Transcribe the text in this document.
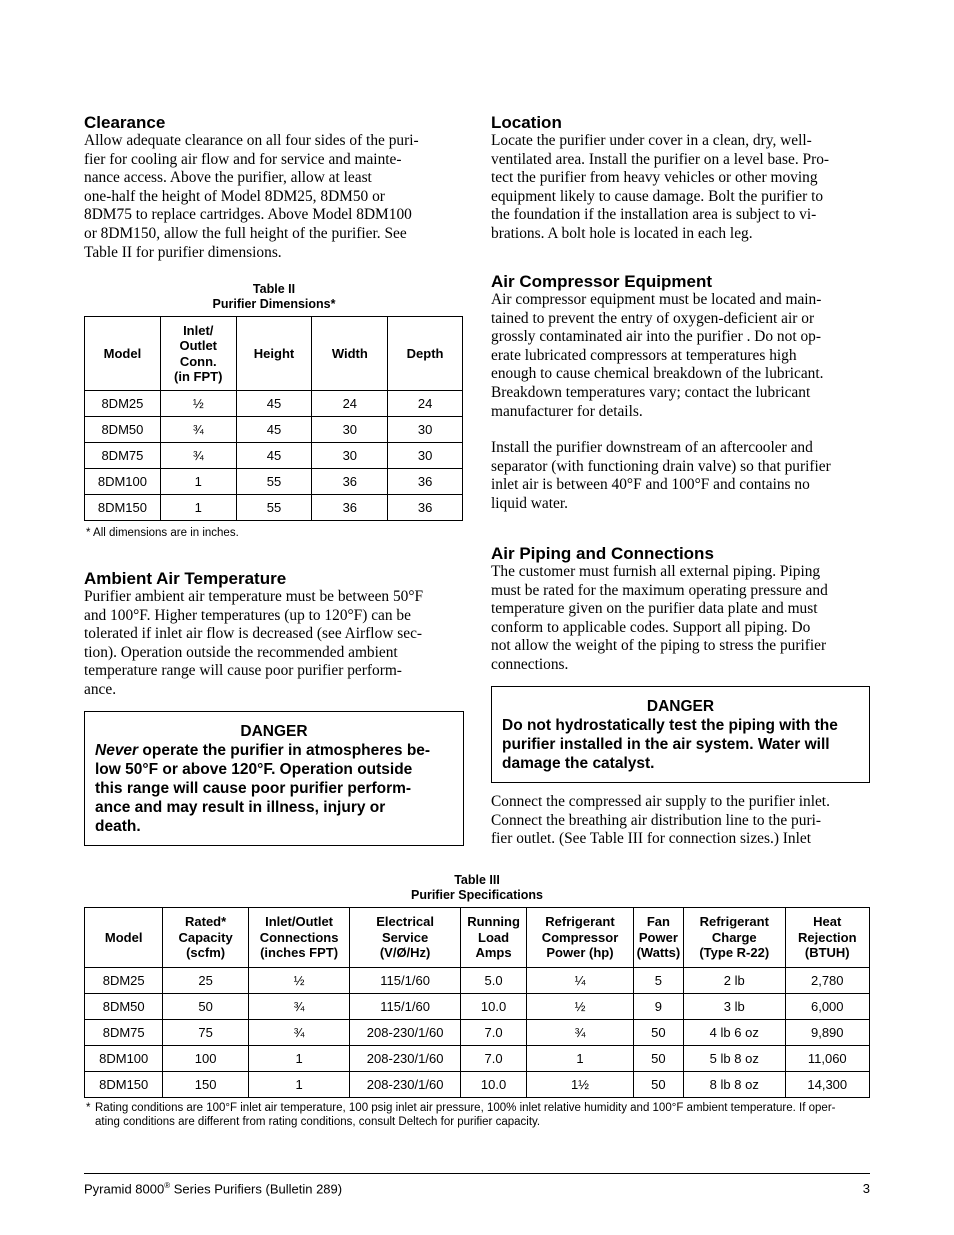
Clearance

Allow adequate clearance on all four sides of the puri-
fier for cooling air flow and for service and mainte-
nance access. Above the purifier, allow at least
one-half the height of Model 8DM25, 8DM50 or
8DM75 to replace cartridges. Above Model 8DM100
or 8DM150, allow the full height of the purifier. See
Table II for purifier dimensions.

Table II
Purifier Dimensions*
Model	Inlet/
Outlet
Conn.
(in FPT)	Height	Width	Depth
8DM25	½	45	24	24
8DM50	¾	45	30	30
8DM75	¾	45	30	30
8DM100	1	55	36	36
8DM150	1	55	36	36
* All dimensions are in inches.
Ambient Air Temperature

Purifier ambient air temperature must be between 50°F
and 100°F. Higher temperatures (up to 120°F) can be
tolerated if inlet air flow is decreased (see Airflow sec-
tion). Operation outside the recommended ambient
temperature range will cause poor purifier perform-
ance.

DANGER
Never operate the purifier in atmospheres be-
low 50°F or above 120°F. Operation outside
this range will cause poor purifier perform-
ance and may result in illness, injury or
death.
Location

Locate the purifier under cover in a clean, dry, well-
ventilated area. Install the purifier on a level base. Pro-
tect the purifier from heavy vehicles or other moving
equipment likely to cause damage. Bolt the purifier to
the foundation if the installation area is subject to vi-
brations. A bolt hole is located in each leg.

Air Compressor Equipment

Air compressor equipment must be located and main-
tained to prevent the entry of oxygen-deficient air or
grossly contaminated air into the purifier . Do not op-
erate lubricated compressors at temperatures high
enough to cause chemical breakdown of the lubricant.
Breakdown temperatures vary; contact the lubricant
manufacturer for details.

Install the purifier downstream of an aftercooler and
separator (with functioning drain valve) so that purifier
inlet air is between 40°F and 100°F and contains no
liquid water.

Air Piping and Connections

The customer must furnish all external piping. Piping
must be rated for the maximum operating pressure and
temperature given on the purifier data plate and must
conform to applicable codes. Support all piping. Do
not allow the weight of the piping to stress the purifier
connections.

DANGER
Do not hydrostatically test the piping with the
purifier installed in the air system. Water will
damage the catalyst.

Connect the compressed air supply to the purifier inlet.
Connect the breathing air distribution line to the puri-
fier outlet. (See Table III for connection sizes.) Inlet

Table III
Purifier Specifications
Model	Rated*
Capacity
(scfm)	Inlet/Outlet
Connections
(inches FPT)	Electrical
Service
(V/Ø/Hz)	Running
Load
Amps	Refrigerant
Compressor
Power (hp)	Fan
Power
(Watts)	Refrigerant
Charge
(Type R-22)	Heat
Rejection
(BTUH)
8DM25	25	½	115/1/60	5.0	¼	5	2 lb	2,780
8DM50	50	¾	115/1/60	10.0	½	9	3 lb	6,000
8DM75	75	¾	208-230/1/60	7.0	¾	50	4 lb 6 oz	9,890
8DM100	100	1	208-230/1/60	7.0	1	50	5 lb 8 oz	11,060
8DM150	150	1	208-230/1/60	10.0	1½	50	8 lb 8 oz	14,300
* Rating conditions are 100°F inlet air temperature, 100 psig inlet air pressure, 100% inlet relative humidity and 100°F ambient temperature. If oper-
ating conditions are different from rating conditions, consult Deltech for purifier capacity.
Pyramid 8000® Series Purifiers (Bulletin 289)	3
